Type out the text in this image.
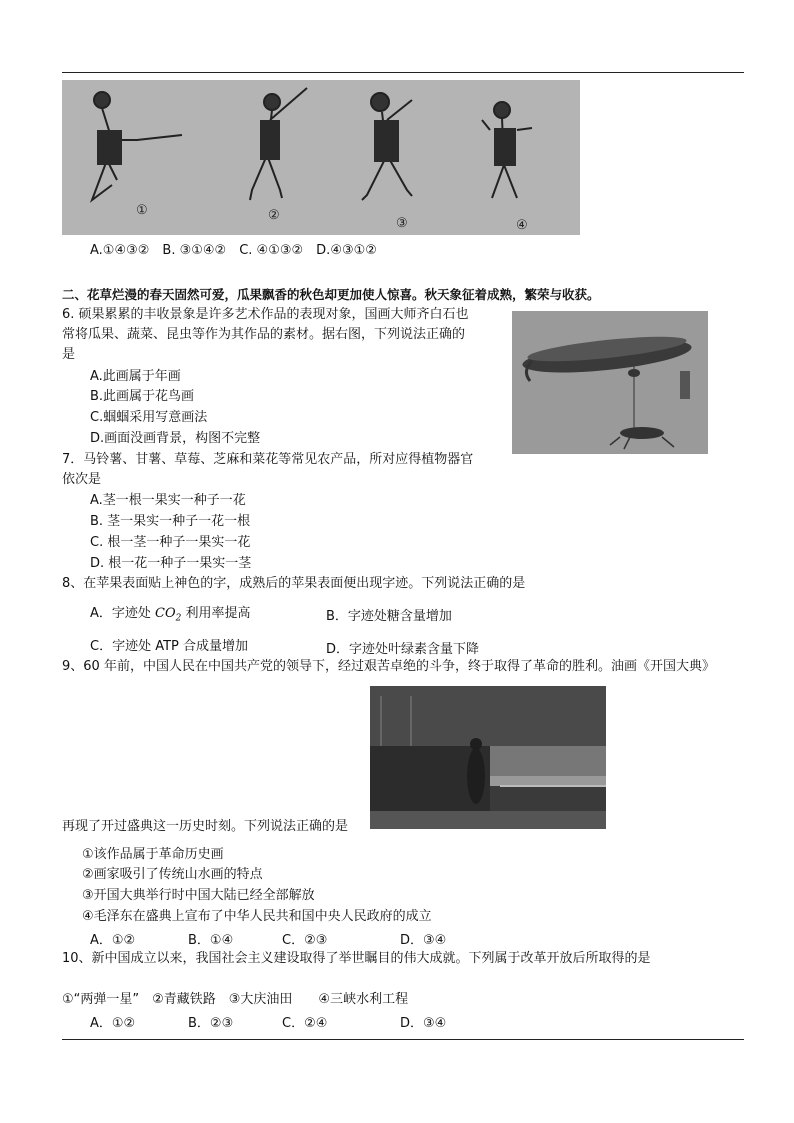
①	②
③	④
A.①④③②　B. ③①④②　C. ④①③②　D.④③①②
二、花草烂漫的春天固然可爱，瓜果飘香的秋色却更加使人惊喜。秋天象征着成熟，繁荣与收获。
6. 硕果累累的丰收景象是许多艺术作品的表现对象，国画大师齐白石也
常将瓜果、蔬菜、昆虫等作为其作品的素材。据右图，下列说法正确的
是
A.此画属于年画
B.此画属于花鸟画
C.蝈蝈采用写意画法
D.画面没画背景，构图不完整
7．马铃薯、甘薯、草莓、芝麻和菜花等常见农产品，所对应得植物器官
依次是
A.茎一根一果实一种子一花
B. 茎一果实一种子一花一根
C. 根一茎一种子一果实一花
D. 根一花一种子一果实一茎
8、在苹果表面贴上神色的字，成熟后的苹果表面便出现字迹。下列说法正确的是
A．字迹处 $CO_2$ 利用率提高	B．字迹处糖含量增加
C．字迹处 ATP 合成量增加	D．字迹处叶绿素含量下降
9、60 年前，中国人民在中国共产党的领导下，经过艰苦卓绝的斗争，终于取得了革命的胜利。油画《开国大典》
再现了开过盛典这一历史时刻。下列说法正确的是
①该作品属于革命历史画
②画家吸引了传统山水画的特点
③开国大典举行时中国大陆已经全部解放
④毛泽东在盛典上宣布了中华人民共和国中央人民政府的成立
A．①②	B．①④	C．②③	D．③④
10、新中国成立以来，我国社会主义建设取得了举世瞩目的伟大成就。下列属于改革开放后所取得的是
①“两弹一星”　②青藏铁路　③大庆油田　　④三峡水利工程
A．①②	B．②③	C．②④	D．③④
